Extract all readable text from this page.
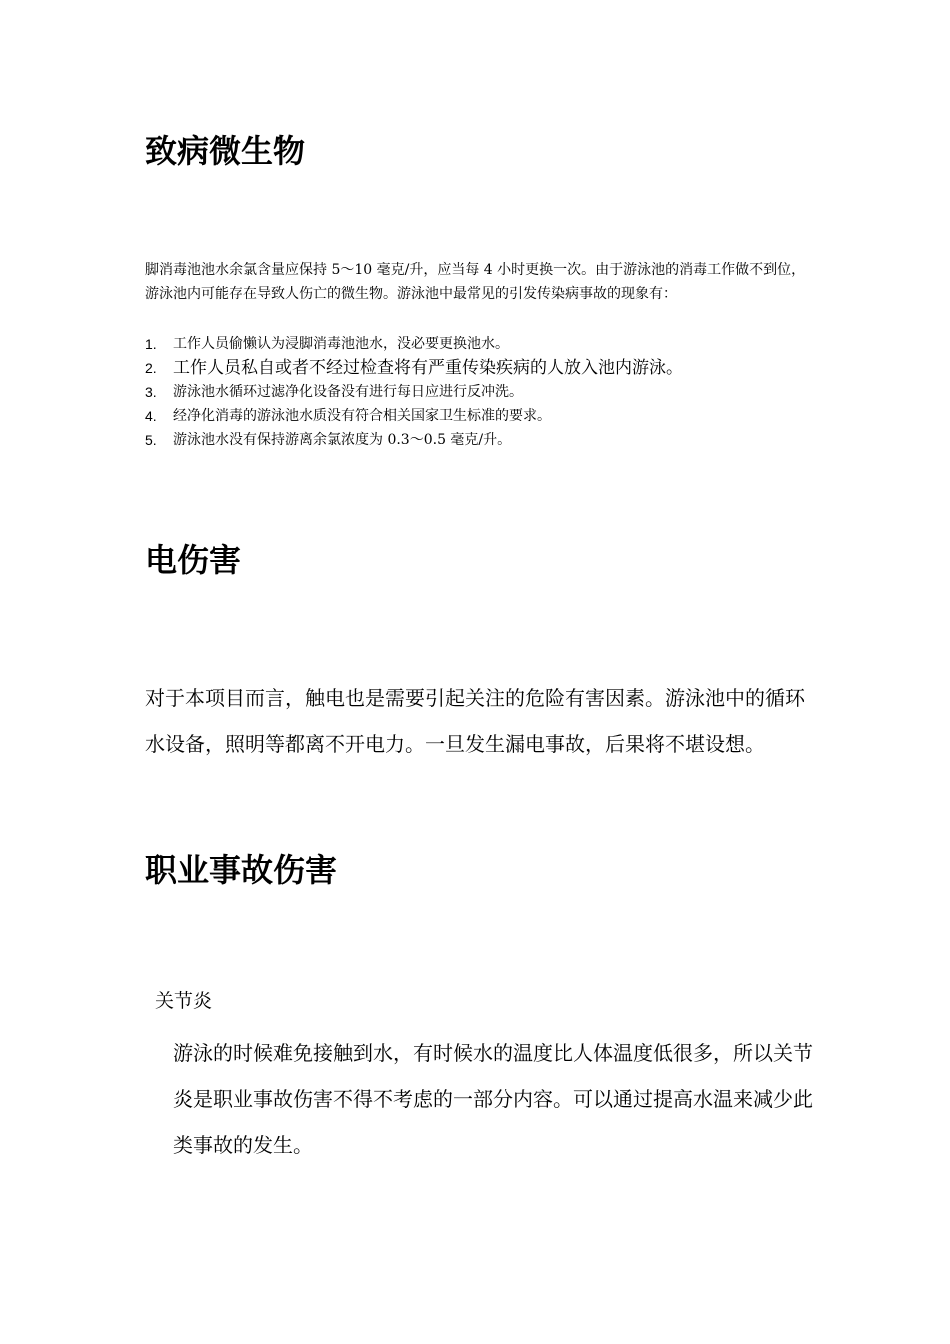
致病微生物

脚消毒池池水余氯含量应保持 5～10 毫克/升，应当每 4 小时更换一次。由于游泳池的消毒工作做不到位，游泳池内可能存在导致人伤亡的微生物。游泳池中最常见的引发传染病事故的现象有：

1. 工作人员偷懒认为浸脚消毒池池水，没必要更换池水。
2. 工作人员私自或者不经过检查将有严重传染疾病的人放入池内游泳。
3. 游泳池水循环过滤净化设备没有进行每日应进行反冲洗。
4. 经净化消毒的游泳池水质没有符合相关国家卫生标准的要求。
5. 游泳池水没有保持游离余氯浓度为 0.3～0.5 毫克/升。
电伤害

对于本项目而言，触电也是需要引起关注的危险有害因素。游泳池中的循环水设备，照明等都离不开电力。一旦发生漏电事故，后果将不堪设想。

职业事故伤害

关节炎

游泳的时候难免接触到水，有时候水的温度比人体温度低很多，所以关节炎是职业事故伤害不得不考虑的一部分内容。可以通过提高水温来减少此类事故的发生。
